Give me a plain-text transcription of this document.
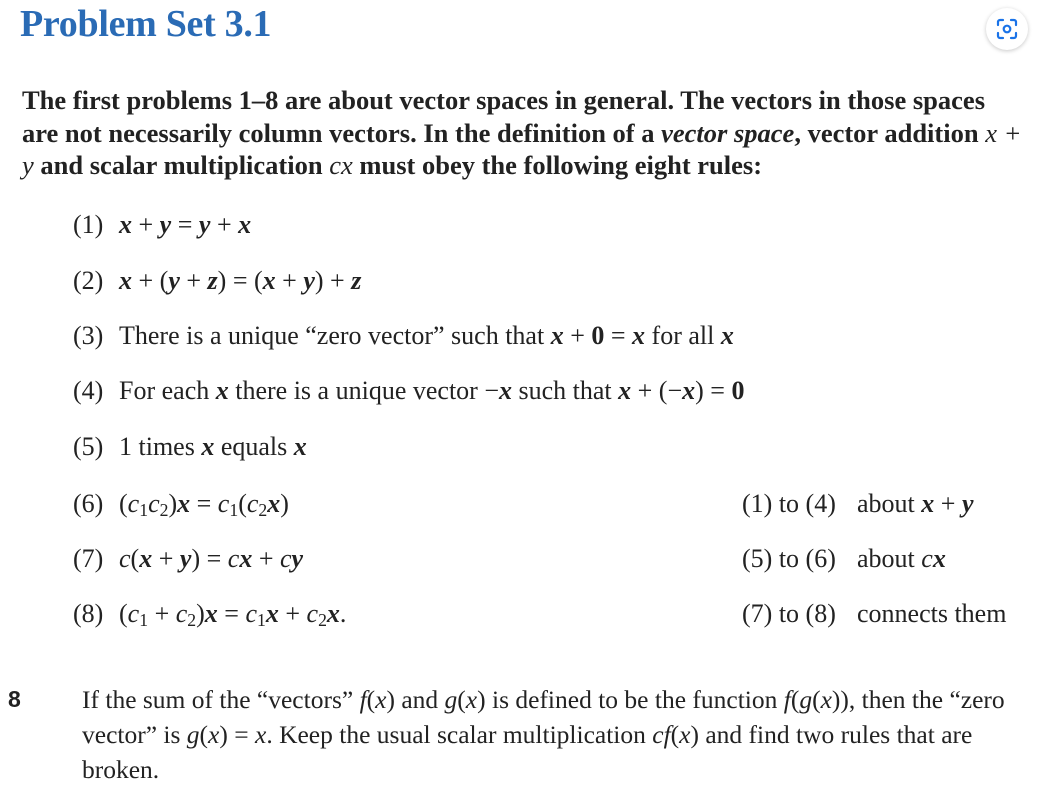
Problem Set 3.1

The first problems 1–8 are about vector spaces in general. The vectors in those spaces are not necessarily column vectors. In the definition of a vector space, vector addition x + y and scalar multiplication cx must obey the following eight rules:

(1) x + y = y + x
(2) x + (y + z) = (x + y) + z
(3) There is a unique “zero vector” such that x + 0 = x for all x
(4) For each x there is a unique vector −x such that x + (−x) = 0
(5) 1 times x equals x
(6) $(c_1c_2)x = c_1(c_2x)$
(7) c(x + y) = cx + cy
(8) $(c_1 + c_2)x = c_1x + c_2x$.
(1) to (4) about x + y
(5) to (6) about cx
(7) to (8) connects them
8 If the sum of the “vectors” f(x) and g(x) is defined to be the function f(g(x)), then the “zero vector” is g(x) = x. Keep the usual scalar multiplication cf(x) and find two rules that are broken.
